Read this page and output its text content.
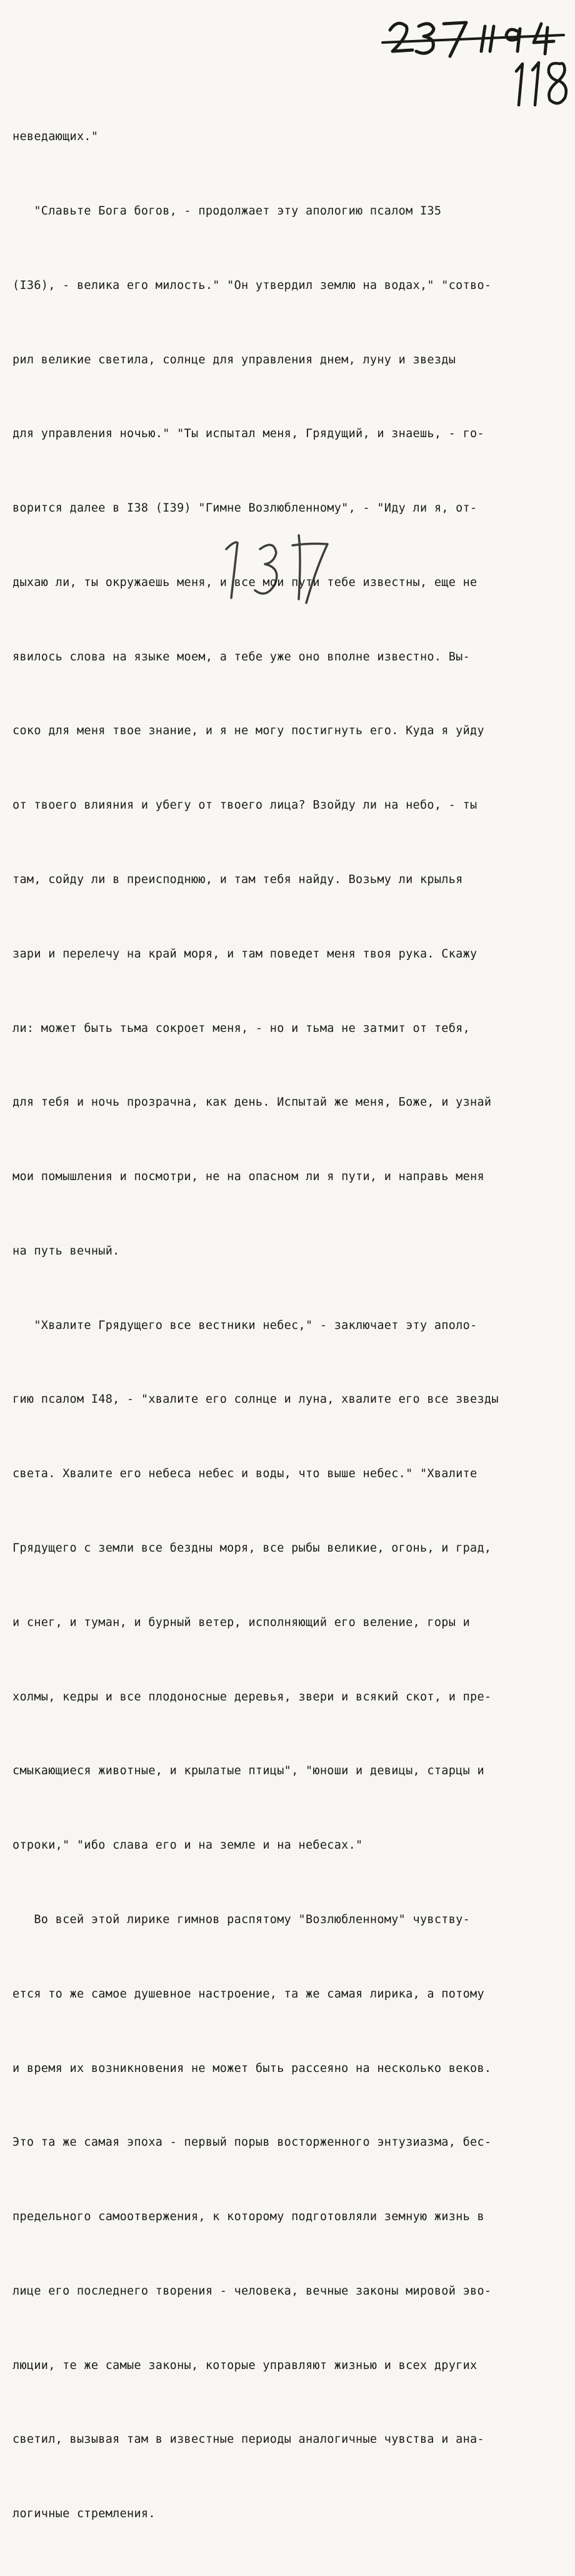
неведающих."

"Славьте Бога богов, - продолжает эту апологию псалом I35

(I36), - велика его милость." "Он утвердил землю на водах," "сотво-

рил великие светила, солнце для управления днем, луну и звезды

для управления ночью." "Ты испытал меня, Грядущий, и знаешь, - го-

ворится далее в I38 (I39) "Гимне Возлюбленному", - "Иду ли я, от-

дыхаю ли, ты окружаешь меня, и все мои пути тебе известны, еще не

явилось слова на языке моем, а тебе уже оно вполне известно. Вы-

соко для меня твое знание, и я не могу постигнуть его. Куда я уйду

от твоего влияния и убегу от твоего лица? Взойду ли на небо, - ты

там, сойду ли в преисподнюю, и там тебя найду. Возьму ли крылья

зари и перелечу на край моря, и там поведет меня твоя рука. Скажу

ли: может быть тьма сокроет меня, - но и тьма не затмит от тебя,

для тебя и ночь прозрачна, как день. Испытай же меня, Боже, и узнай

мои помышления и посмотри, не на опасном ли я пути, и направь меня

на путь вечный.

"Хвалите Грядущего все вестники небес," - заключает эту аполо-

гию псалом I48, - "хвалите его солнце и луна, хвалите его все звезды

света. Хвалите его небеса небес и воды, что выше небес." "Хвалите

Грядущего с земли все бездны моря, все рыбы великие, огонь, и град,

и снег, и туман, и бурный ветер, исполняющий его веление, горы и

холмы, кедры и все плодоносные деревья, звери и всякий скот, и пре-

смыкающиеся животные, и крылатые птицы", "юноши и девицы, старцы и

отроки," "ибо слава его и на земле и на небесах."

Во всей этой лирике гимнов распятому "Возлюбленному" чувству-

ется то же самое душевное настроение, та же самая лирика, а потому

и время их возникновения не может быть рассеяно на несколько веков.

Это та же самая эпоха - первый порыв восторженного энтузиазма, бес-

предельного самоотвержения, к которому подготовляли земную жизнь в

лице его последнего творения - человека, вечные законы мировой эво-

люции, те же самые законы, которые управляют жизнью и всех других

светил, вызывая там в известные периоды аналогичные чувства и ана-

логичные стремления.
